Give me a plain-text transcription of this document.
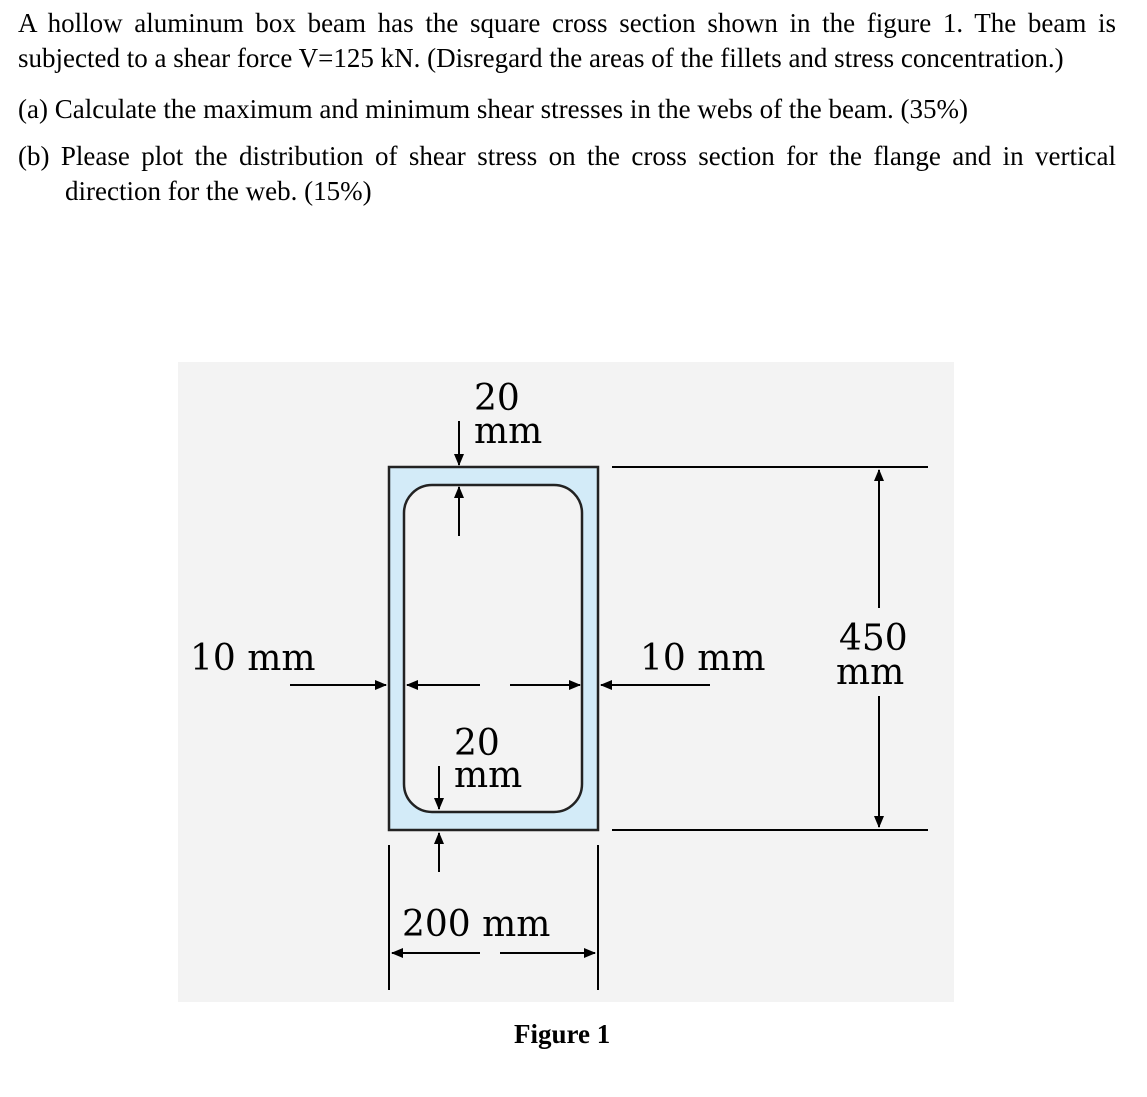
A hollow aluminum box beam has the square cross section shown in the figure 1. The beam is subjected to a shear force V=125 kN. (Disregard the areas of the fillets and stress concentration.)

(a) Calculate the maximum and minimum shear stresses in the webs of the beam. (35%)

(b) Please plot the distribution of shear stress on the cross section for the flange and in vertical direction for the web. (15%)

20
mm
10 mm	10 mm
20
mm
450
mm
200 mm
Figure 1
